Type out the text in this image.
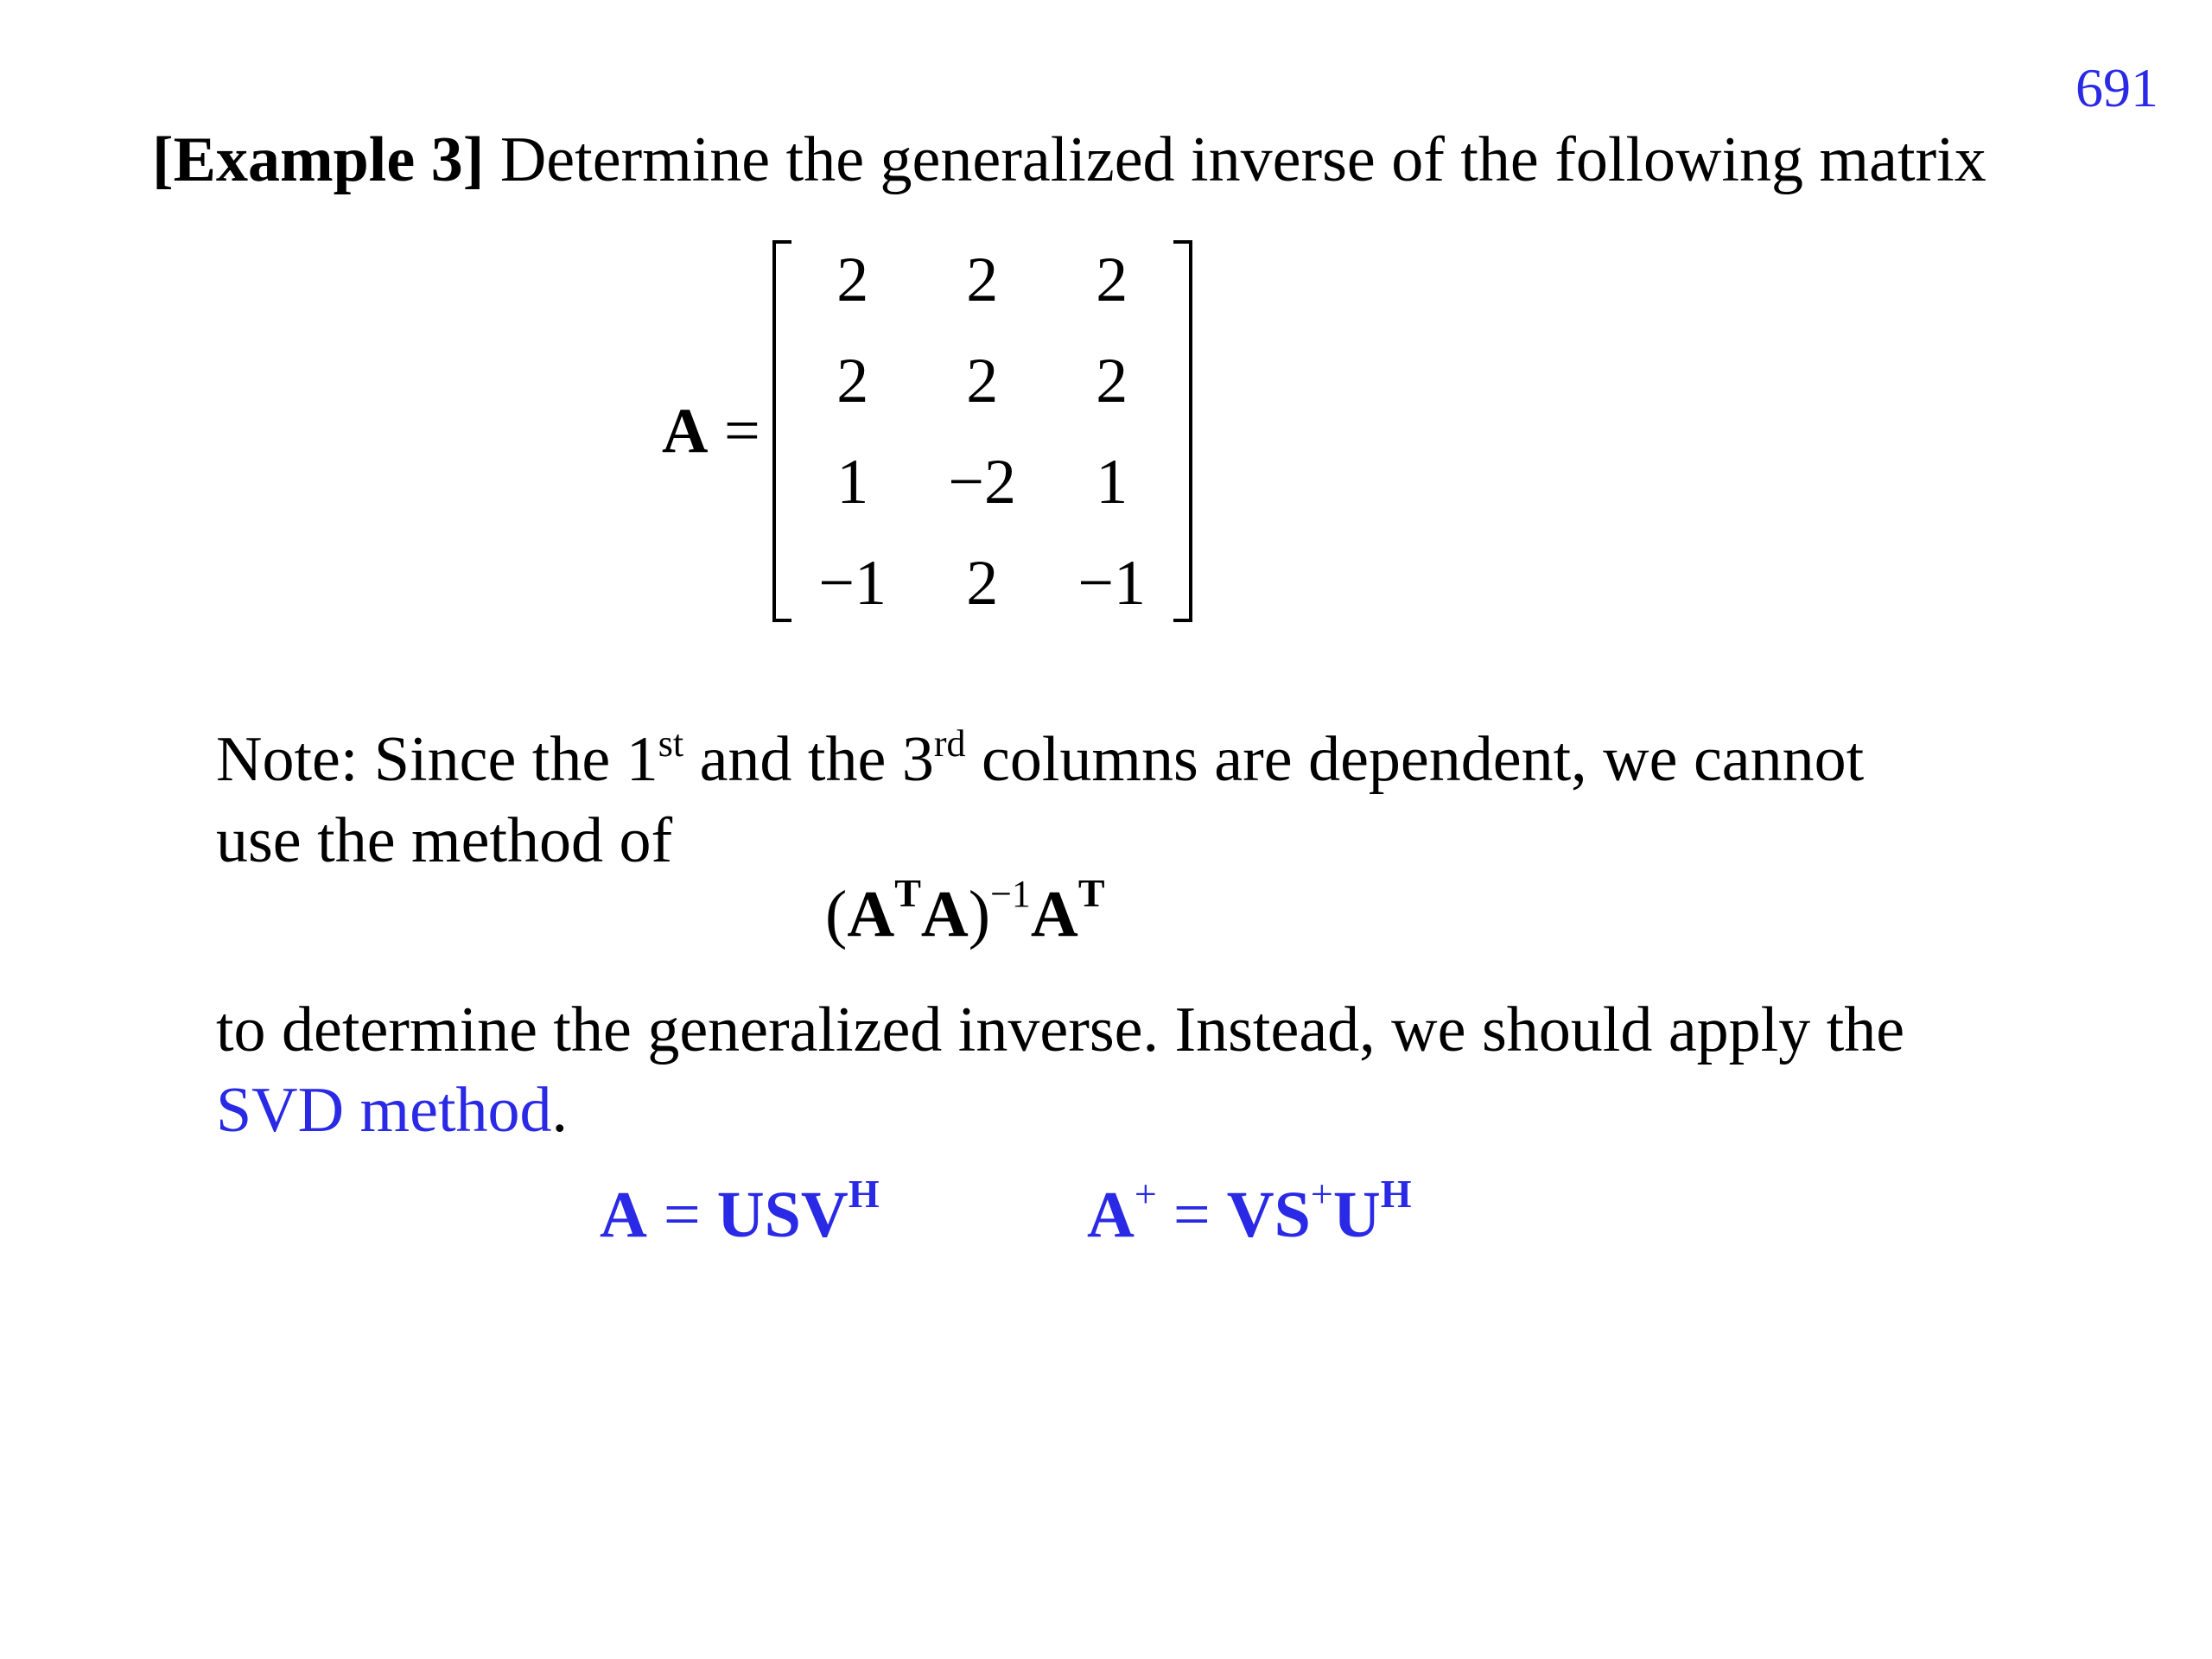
691
[Example 3] Determine the generalized inverse of the following matrix
A =
2 2 2
2 2 2
1 −2 1
−1 2 −1
Note: Since the 1st and the 3rd columns are dependent, we cannot
use the method of
$(A^TA)^{-1}A^T$
to determine the generalized inverse. Instead, we should apply the
SVD method.
$A = USV^H$	$A^+ = VS^+U^H$
